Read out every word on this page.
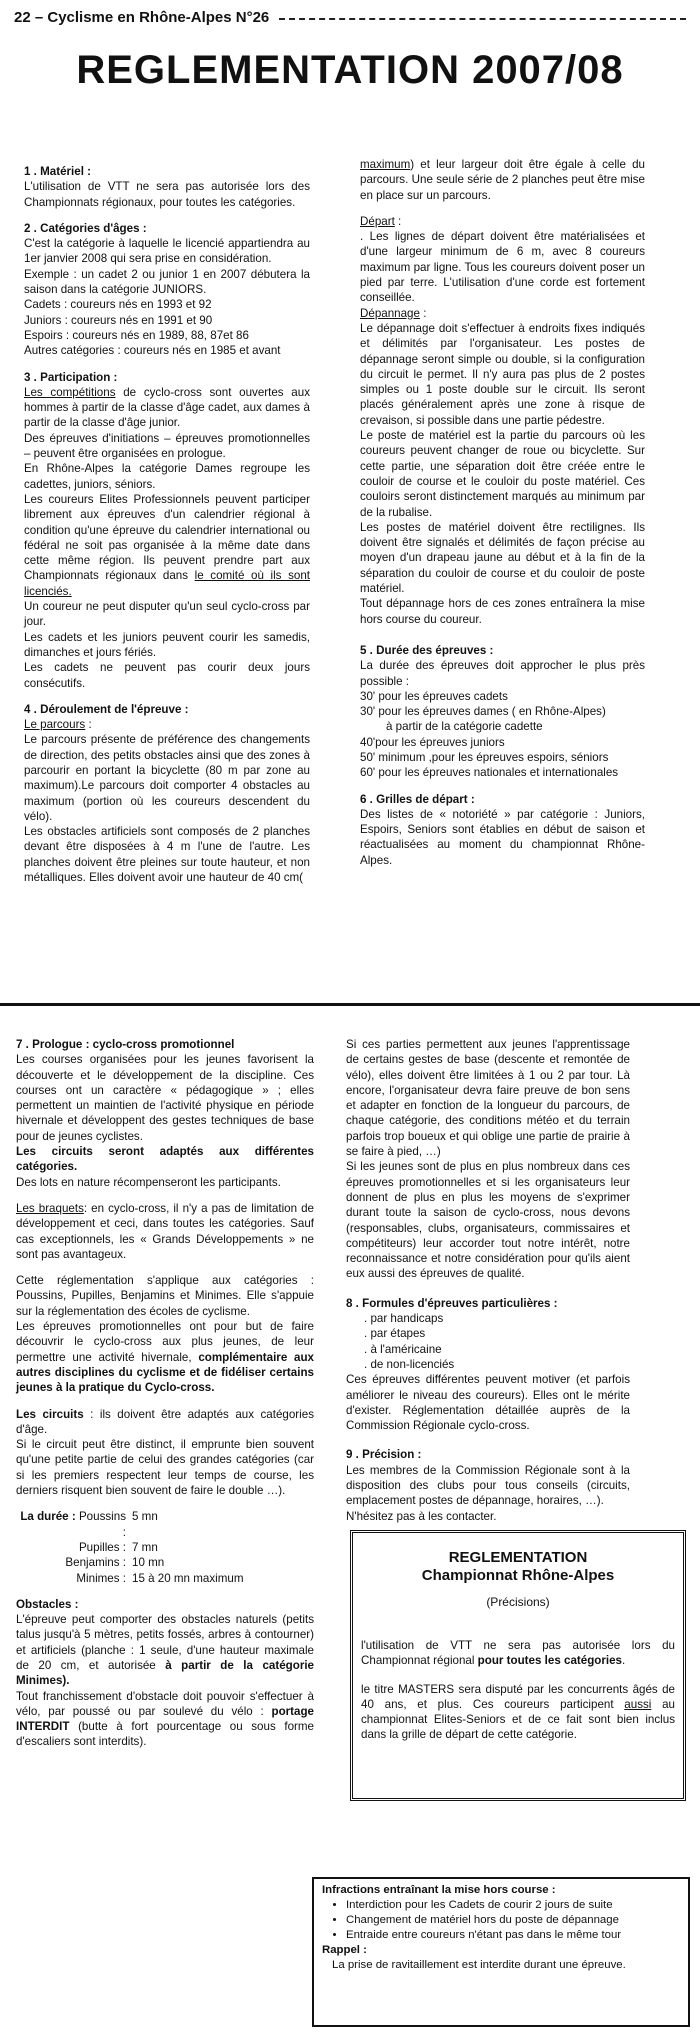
22 – Cyclisme en Rhône-Alpes N°26
REGLEMENTATION 2007/08

1 . Matériel :

L'utilisation de VTT ne sera pas autorisée lors des Championnats régionaux, pour toutes les catégories.

2 . Catégories d'âges :

C'est la catégorie à laquelle le licencié appartiendra au 1er janvier 2008 qui sera prise en considération.

Exemple : un cadet 2 ou junior 1 en 2007 débutera la saison dans la catégorie JUNIORS.

Cadets : coureurs nés en 1993 et 92

Juniors : coureurs nés en 1991 et 90

Espoirs : coureurs nés en 1989, 88, 87et 86

Autres catégories : coureurs nés en 1985 et avant

3 . Participation :

Les compétitions de cyclo-cross sont ouvertes aux hommes à partir de la classe d'âge cadet, aux dames à partir de la classe d'âge junior.

Des épreuves d'initiations – épreuves promotionnelles – peuvent être organisées en prologue.

En Rhône-Alpes la catégorie Dames regroupe les cadettes, juniors, séniors.

Les coureurs Elites Professionnels peuvent participer librement aux épreuves d'un calendrier régional à condition qu'une épreuve du calendrier international ou fédéral ne soit pas organisée à la même date dans cette même région. Ils peuvent prendre part aux Championnats régionaux dans le comité où ils sont licenciés.

Un coureur ne peut disputer qu'un seul cyclo-cross par jour.

Les cadets et les juniors peuvent courir les samedis, dimanches et jours fériés.

Les cadets ne peuvent pas courir deux jours consécutifs.

4 . Déroulement de l'épreuve :

Le parcours :

Le parcours présente de préférence des changements de direction, des petits obstacles ainsi que des zones à parcourir en portant la bicyclette (80 m par zone au maximum).Le parcours doit comporter 4 obstacles au maximum (portion où les coureurs descendent du vélo).

Les obstacles artificiels sont composés de 2 planches devant être disposées à 4 m l'une de l'autre. Les planches doivent être pleines sur toute hauteur, et non métalliques. Elles doivent avoir une hauteur de 40 cm(

maximum) et leur largeur doit être égale à celle du parcours. Une seule série de 2 planches peut être mise en place sur un parcours.

Départ :

. Les lignes de départ doivent être matérialisées et d'une largeur minimum de 6 m, avec 8 coureurs maximum par ligne. Tous les coureurs doivent poser un pied par terre. L'utilisation d'une corde est fortement conseillée.

Dépannage :

Le dépannage doit s'effectuer à endroits fixes indiqués et délimités par l'organisateur. Les postes de dépannage seront simple ou double, si la configuration du circuit le permet. Il n'y aura pas plus de 2 postes simples ou 1 poste double sur le circuit. Ils seront placés généralement après une zone à risque de crevaison, si possible dans une partie pédestre.

Le poste de matériel est la partie du parcours où les coureurs peuvent changer de roue ou bicyclette. Sur cette partie, une séparation doit être créée entre le couloir de course et le couloir du poste matériel. Ces couloirs seront distinctement marqués au minimum par de la rubalise.

Les postes de matériel doivent être rectilignes. Ils doivent être signalés et délimités de façon précise au moyen d'un drapeau jaune au début et à la fin de la séparation du couloir de course et du couloir de poste matériel.

Tout dépannage hors de ces zones entraînera la mise hors course du coureur.

5 . Durée des épreuves :

La durée des épreuves doit approcher le plus près possible :

30' pour les épreuves cadets

30' pour les épreuves dames ( en Rhône-Alpes)

à partir de la catégorie cadette

40'pour les épreuves juniors

50' minimum ,pour les épreuves espoirs, séniors

60' pour les épreuves nationales et internationales

6 . Grilles de départ :

Des listes de « notoriété » par catégorie : Juniors, Espoirs, Seniors sont établies en début de saison et réactualisées au moment du championnat Rhône-Alpes.

7 . Prologue : cyclo-cross promotionnel

Les courses organisées pour les jeunes favorisent la découverte et le développement de la discipline. Ces courses ont un caractère « pédagogique » ; elles permettent un maintien de l'activité physique en période hivernale et développent des gestes techniques de base pour de jeunes cyclistes.

Les circuits seront adaptés aux différentes catégories.

Des lots en nature récompenseront les participants.

Les braquets: en cyclo-cross, il n'y a pas de limitation de développement et ceci, dans toutes les catégories. Sauf cas exceptionnels, les « Grands Développements » ne sont pas avantageux.

Cette réglementation s'applique aux catégories : Poussins, Pupilles, Benjamins et Minimes. Elle s'appuie sur la réglementation des écoles de cyclisme.

Les épreuves promotionnelles ont pour but de faire découvrir le cyclo-cross aux plus jeunes, de leur permettre une activité hivernale, complémentaire aux autres disciplines du cyclisme et de fidéliser certains jeunes à la pratique du Cyclo-cross.

Les circuits : ils doivent être adaptés aux catégories d'âge.

Si le circuit peut être distinct, il emprunte bien souvent qu'une petite partie de celui des grandes catégories (car si les premiers respectent leur temps de course, les derniers risquent bien souvent de faire le double …).

La durée : Poussins :
5 mn
Pupilles : 7 mn
Benjamins : 10 mn
Minimes : 15 à 20 mn maximum

Obstacles :

L'épreuve peut comporter des obstacles naturels (petits talus jusqu'à 5 mètres, petits fossés, arbres à contourner) et artificiels (planche : 1 seule, d'une hauteur maximale de 20 cm, et autorisée à partir de la catégorie Minimes).

Tout franchissement d'obstacle doit pouvoir s'effectuer à vélo, par poussé ou par soulevé du vélo : portage INTERDIT (butte à fort pourcentage ou sous forme d'escaliers sont interdits).

Si ces parties permettent aux jeunes l'apprentissage de certains gestes de base (descente et remontée de vélo), elles doivent être limitées à 1 ou 2 par tour. Là encore, l'organisateur devra faire preuve de bon sens et adapter en fonction de la longueur du parcours, de chaque catégorie, des conditions météo et du terrain parfois trop boueux et qui oblige une partie de prairie à se faire à pied, …)

Si les jeunes sont de plus en plus nombreux dans ces épreuves promotionnelles et si les organisateurs leur donnent de plus en plus les moyens de s'exprimer durant toute la saison de cyclo-cross, nous devons (responsables, clubs, organisateurs, commissaires et compétiteurs) leur accorder tout notre intérêt, notre reconnaissance et notre considération pour qu'ils aient eux aussi des épreuves de qualité.

8 . Formules d'épreuves particulières :

. par handicaps

. par étapes

. à l'américaine

. de non-licenciés

Ces épreuves différentes peuvent motiver (et parfois améliorer le niveau des coureurs). Elles ont le mérite d'exister. Réglementation détaillée auprès de la Commission Régionale cyclo-cross.

9 . Précision :

Les membres de la Commission Régionale sont à la disposition des clubs pour tous conseils (circuits, emplacement postes de dépannage, horaires, …).

N'hésitez pas à les contacter.

REGLEMENTATION
Championnat Rhône-Alpes
(Précisions)

l'utilisation de VTT ne sera pas autorisée lors du Championnat régional pour toutes les catégories.

le titre MASTERS sera disputé par les concurrents âgés de 40 ans, et plus. Ces coureurs participent aussi au championnat Elites-Seniors et de ce fait sont bien inclus dans la grille de départ de cette catégorie.

Infractions entraînant la mise hors course :
• Interdiction pour les Cadets de courir 2 jours de suite
• Changement de matériel hors du poste de dépannage
• Entraide entre coureurs n'étant pas dans le même tour
Rappel :
La prise de ravitaillement est interdite durant une épreuve.
